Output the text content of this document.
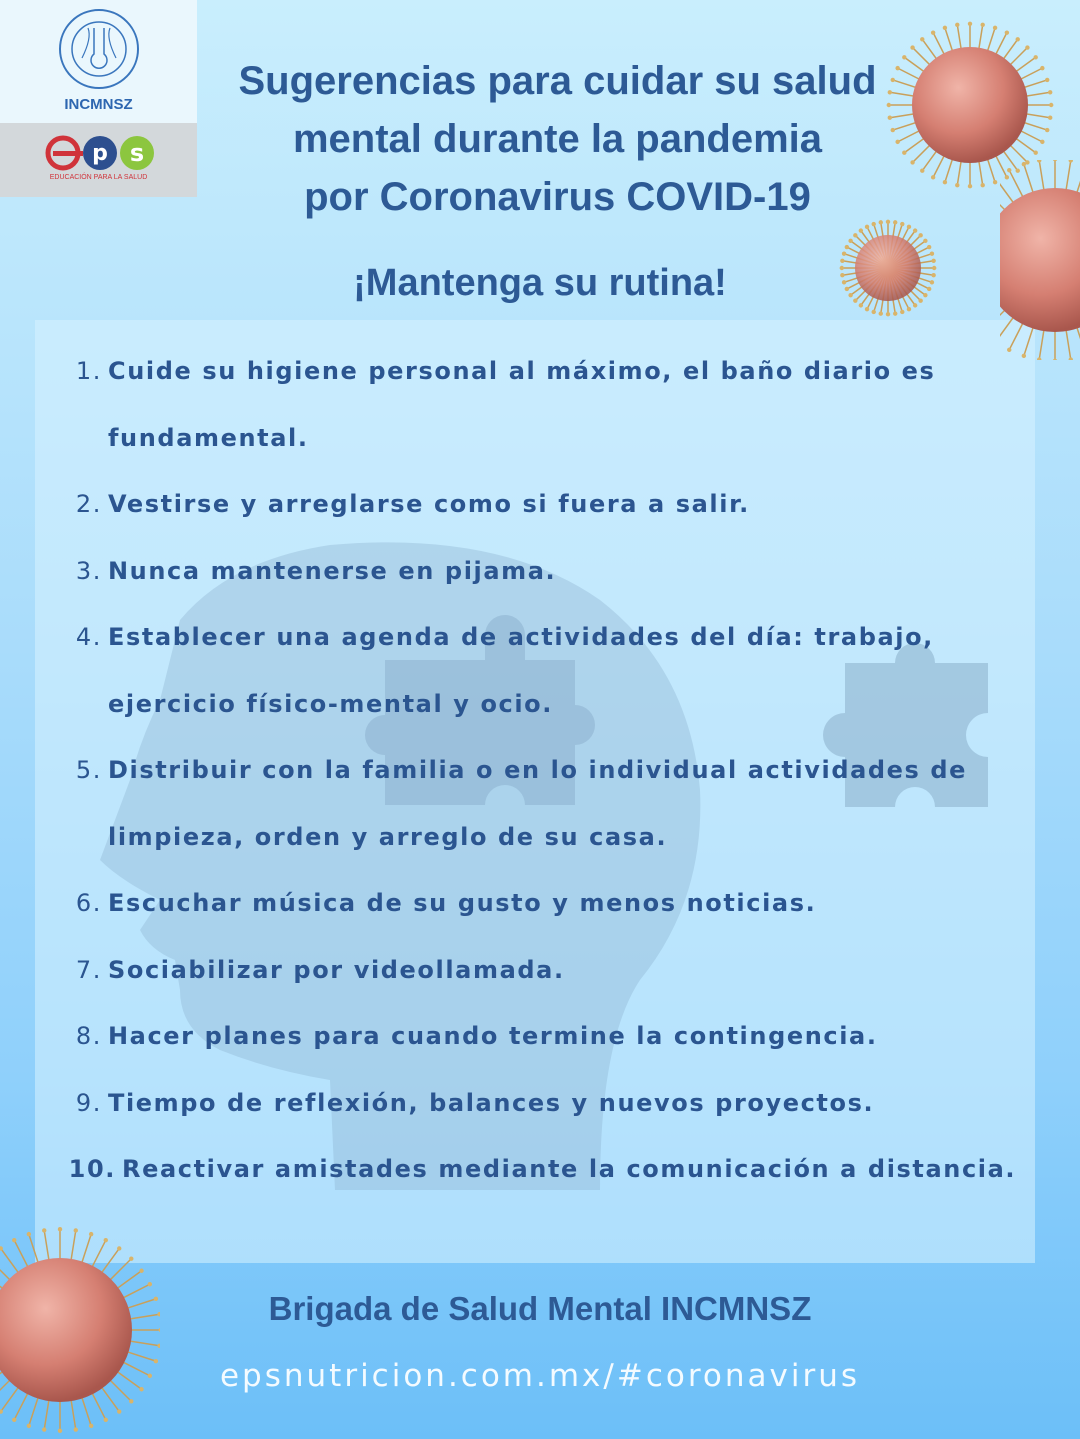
INCMNSZ
p s
EDUCACIÓN PARA LA SALUD
Sugerencias para cuidar su salud
mental durante la pandemia
por Coronavirus COVID-19
¡Mantenga su rutina!
1. Cuide su higiene personal al máximo, el baño diario es fundamental.
2. Vestirse y arreglarse como si fuera a salir.
3. Nunca mantenerse en pijama.
4. Establecer una agenda de actividades del día: trabajo, ejercicio físico-mental y ocio.
5. Distribuir con la familia o en lo individual actividades de limpieza, orden y arreglo de su casa.
6. Escuchar música de su gusto y menos noticias.
7. Sociabilizar por videollamada.
8. Hacer planes para cuando termine la contingencia.
9. Tiempo de reflexión, balances y nuevos proyectos.
10. Reactivar amistades mediante la comunicación a distancia.
Brigada de Salud Mental INCMNSZ
epsnutricion.com.mx/#coronavirus
